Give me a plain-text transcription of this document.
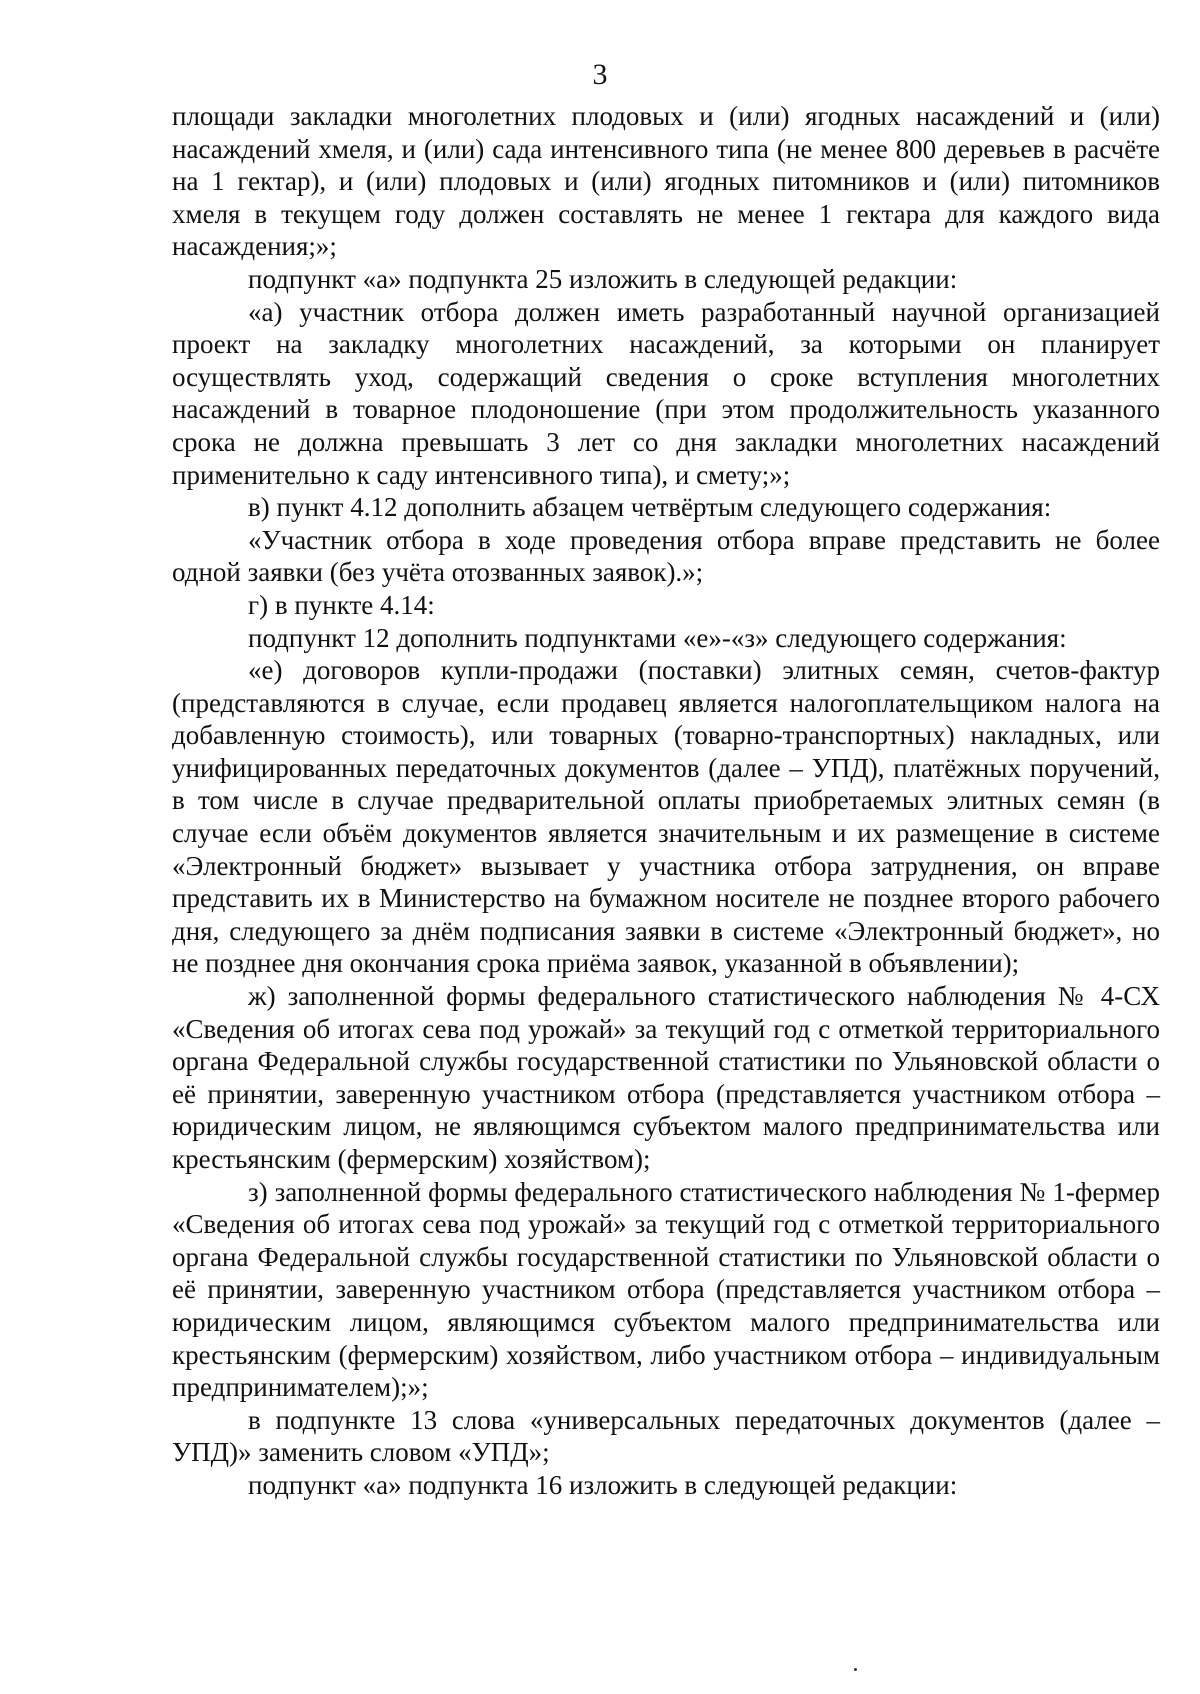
3

площади закладки многолетних плодовых и (или) ягодных насаждений и (или) насаждений хмеля, и (или) сада интенсивного типа (не менее 800 деревьев в расчёте на 1 гектар), и (или) плодовых и (или) ягодных питомников и (или) питомников хмеля в текущем году должен составлять не менее 1 гектара для каждого вида насаждения;»;

подпункт «а» подпункта 25 изложить в следующей редакции:

«а) участник отбора должен иметь разработанный научной организацией проект на закладку многолетних насаждений, за которыми он планирует осуществлять уход, содержащий сведения о сроке вступления многолетних насаждений в товарное плодоношение (при этом продолжительность указанного срока не должна превышать 3 лет со дня закладки многолетних насаждений применительно к саду интенсивного типа), и смету;»;

в) пункт 4.12 дополнить абзацем четвёртым следующего содержания:

«Участник отбора в ходе проведения отбора вправе представить не более одной заявки (без учёта отозванных заявок).»;

г) в пункте 4.14:

подпункт 12 дополнить подпунктами «е»-«з» следующего содержания:

«е) договоров купли-продажи (поставки) элитных семян, счетов-фактур (представляются в случае, если продавец является налогоплательщиком налога на добавленную стоимость), или товарных (товарно-транспортных) накладных, или унифицированных передаточных документов (далее – УПД), платёжных поручений, в том числе в случае предварительной оплаты приобретаемых элитных семян (в случае если объём документов является значительным и их размещение в системе «Электронный бюджет» вызывает у участника отбора затруднения, он вправе представить их в Министерство на бумажном носителе не позднее второго рабочего дня, следующего за днём подписания заявки в системе «Электронный бюджет», но не позднее дня окончания срока приёма заявок, указанной в объявлении);

ж) заполненной формы федерального статистического наблюдения № 4-СХ «Сведения об итогах сева под урожай» за текущий год с отметкой территориального органа Федеральной службы государственной статистики по Ульяновской области о её принятии, заверенную участником отбора (представляется участником отбора – юридическим лицом, не являющимся субъектом малого предпринимательства или крестьянским (фермерским) хозяйством);

з) заполненной формы федерального статистического наблюдения № 1-фермер «Сведения об итогах сева под урожай» за текущий год с отметкой территориального органа Федеральной службы государственной статистики по Ульяновской области о её принятии, заверенную участником отбора (представляется участником отбора – юридическим лицом, являющимся субъектом малого предпринимательства или крестьянским (фермерским) хозяйством, либо участником отбора – индивидуальным предпринимателем);»;

в подпункте 13 слова «универсальных передаточных документов (далее – УПД)» заменить словом «УПД»;

подпункт «а» подпункта 16 изложить в следующей редакции:
